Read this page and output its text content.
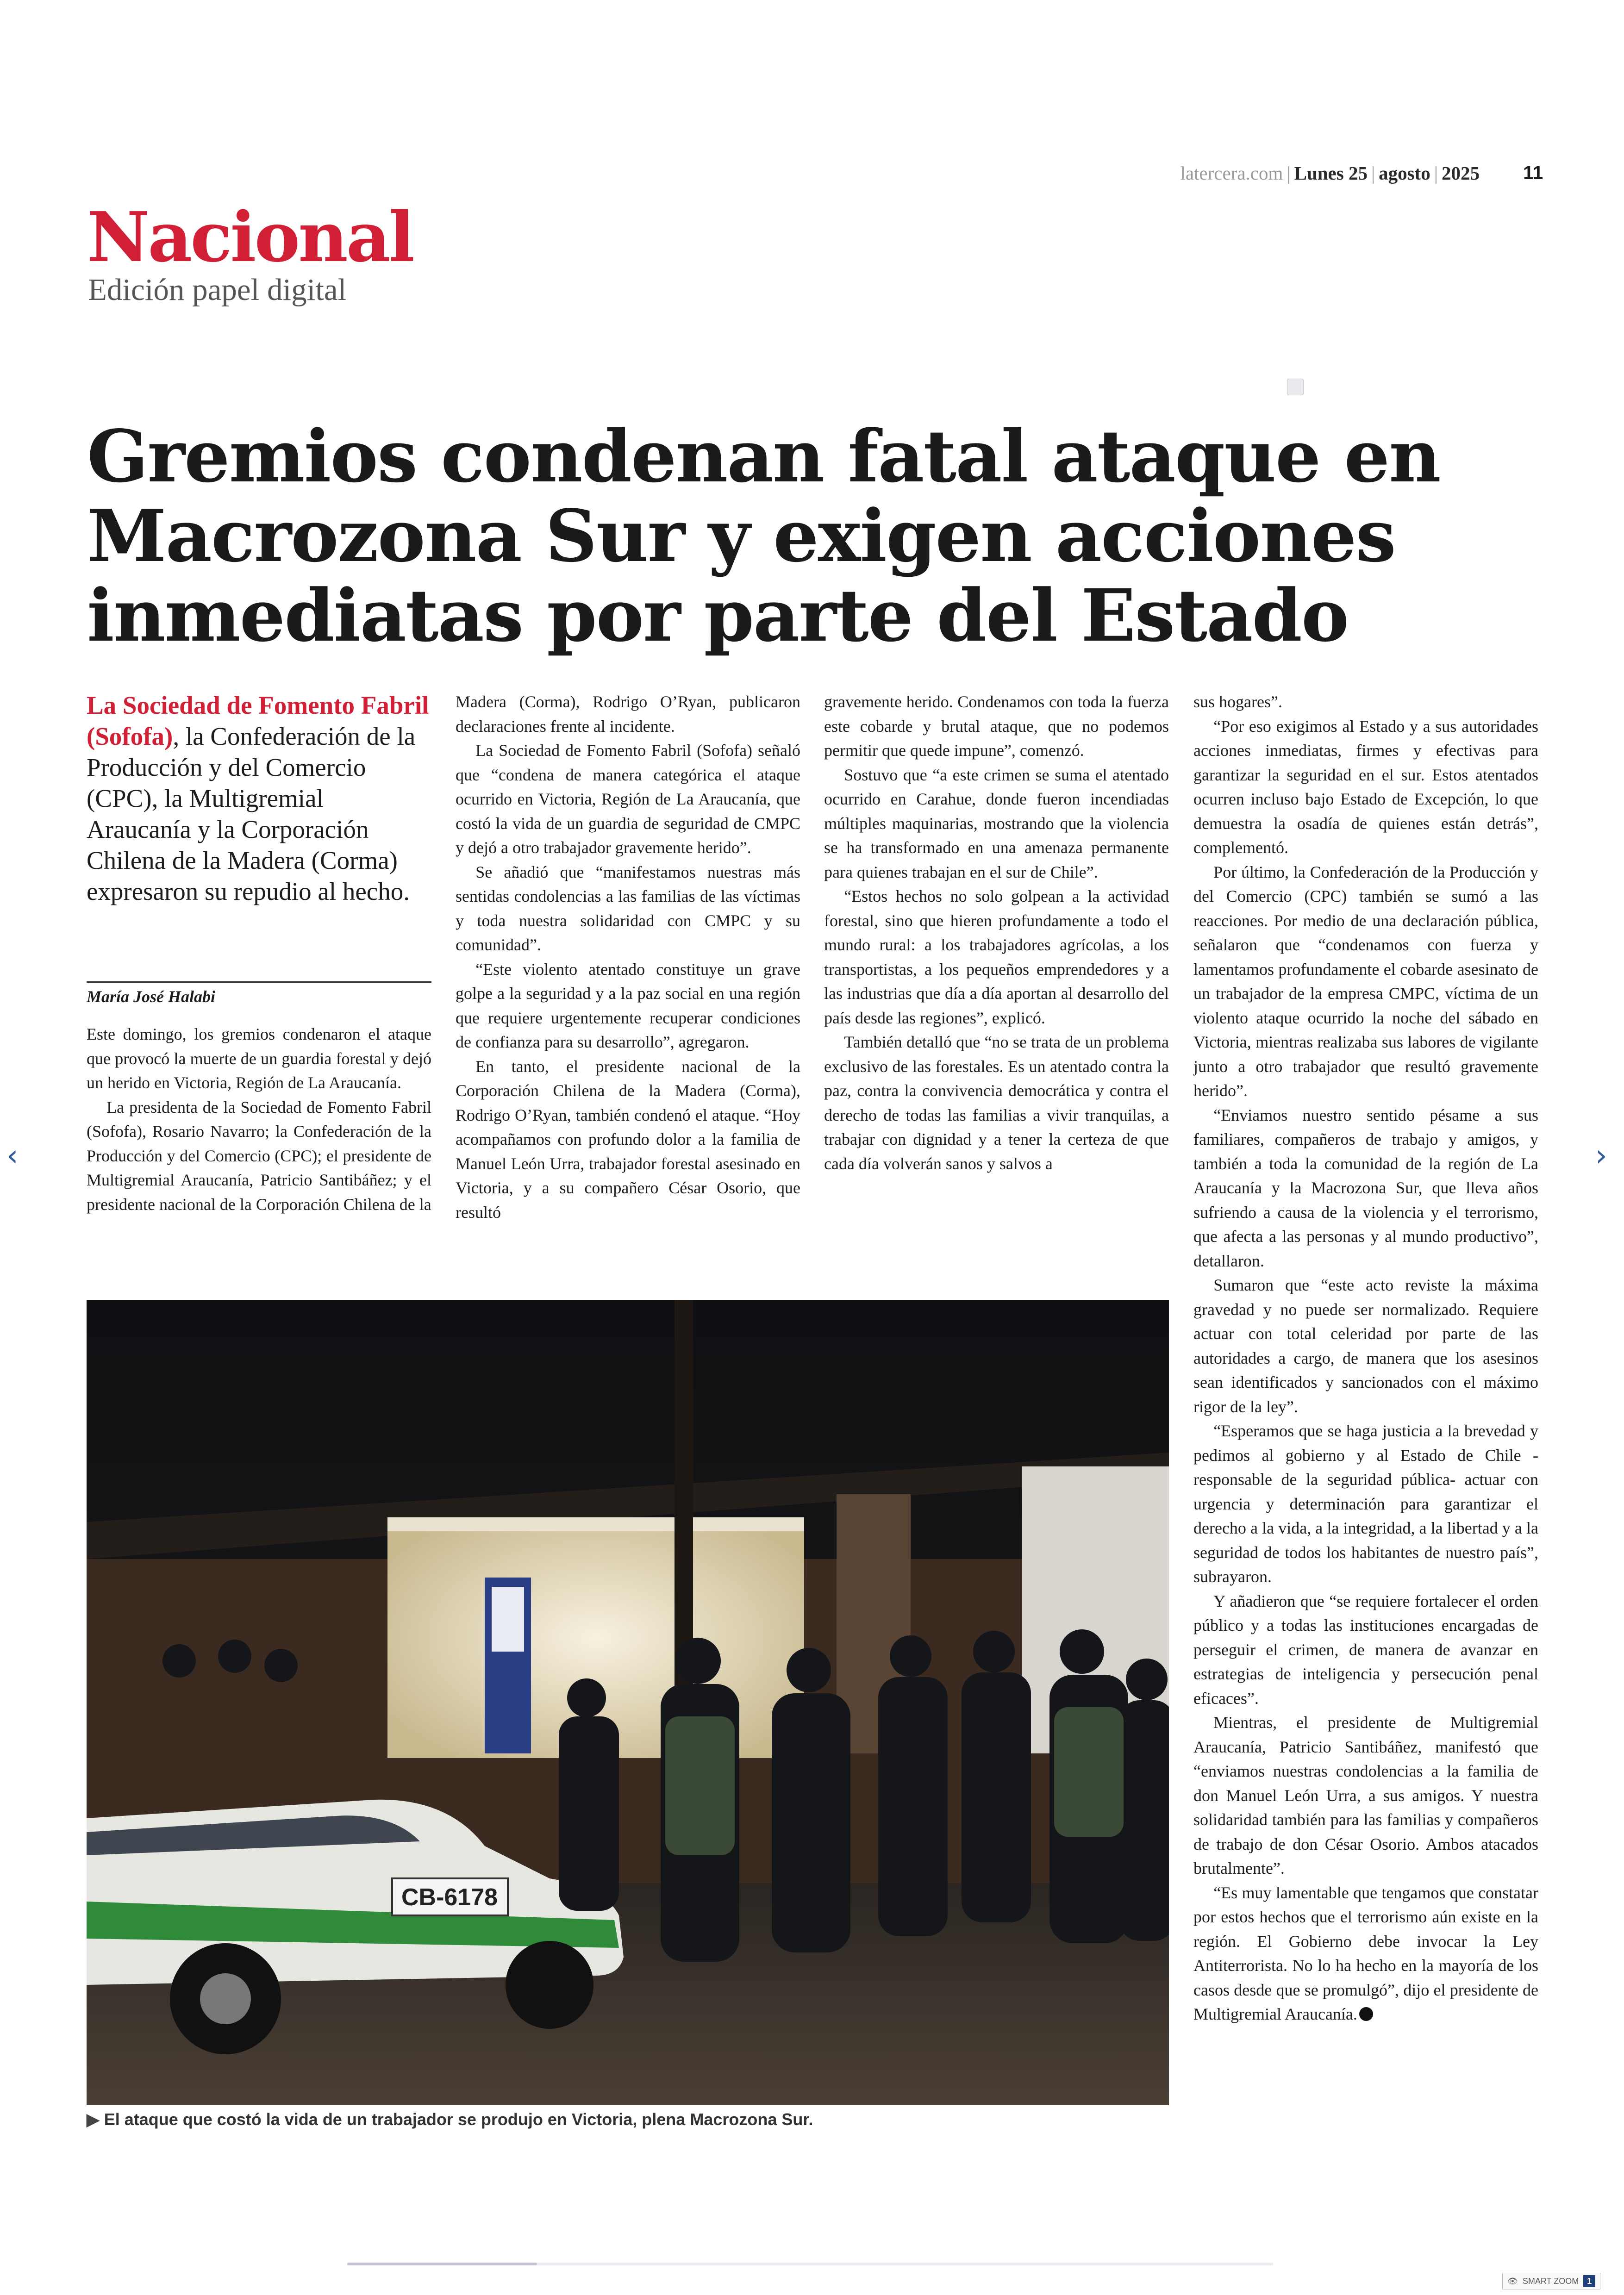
latercera.com | Lunes 25 | agosto | 2025 11
Nacional
Edición papel digital
Gremios condenan fatal ataque en Macrozona Sur y exigen acciones inmediatas por parte del Estado
La Sociedad de Fomento Fabril (Sofofa), la Confederación de la Producción y del Comercio (CPC), la Multigremial Araucanía y la Corporación Chilena de la Madera (Corma) expresaron su repudio al hecho.
María José Halabi

Este domingo, los gremios condenaron el ataque que provocó la muerte de un guardia forestal y dejó un herido en Victoria, Región de La Araucanía.

La presidenta de la Sociedad de Fomento Fabril (Sofofa), Rosario Navarro; la Confederación de la Producción y del Comercio (CPC); el presidente de Multigremial Araucanía, Patricio Santibáñez; y el presidente nacional de la Corporación Chilena de la

Madera (Corma), Rodrigo O’Ryan, publicaron declaraciones frente al incidente.

La Sociedad de Fomento Fabril (Sofofa) señaló que “condena de manera categórica el ataque ocurrido en Victoria, Región de La Araucanía, que costó la vida de un guardia de seguridad de CMPC y dejó a otro trabajador gravemente herido”.

Se añadió que “manifestamos nuestras más sentidas condolencias a las familias de las víctimas y toda nuestra solidaridad con CMPC y su comunidad”.

“Este violento atentado constituye un grave golpe a la seguridad y a la paz social en una región que requiere urgentemente recuperar condiciones de confianza para su desarrollo”, agregaron.

En tanto, el presidente nacional de la Corporación Chilena de la Madera (Corma), Rodrigo O’Ryan, también condenó el ataque. “Hoy acompañamos con profundo dolor a la familia de Manuel León Urra, trabajador forestal asesinado en Victoria, y a su compañero César Osorio, que resultó

gravemente herido. Condenamos con toda la fuerza este cobarde y brutal ataque, que no podemos permitir que quede impune”, comenzó.

Sostuvo que “a este crimen se suma el atentado ocurrido en Carahue, donde fueron incendiadas múltiples maquinarias, mostrando que la violencia se ha transformado en una amenaza permanente para quienes trabajan en el sur de Chile”.

“Estos hechos no solo golpean a la actividad forestal, sino que hieren profundamente a todo el mundo rural: a los trabajadores agrícolas, a los transportistas, a los pequeños emprendedores y a las industrias que día a día aportan al desarrollo del país desde las regiones”, explicó.

También detalló que “no se trata de un problema exclusivo de las forestales. Es un atentado contra la paz, contra la convivencia democrática y contra el derecho de todas las familias a vivir tranquilas, a trabajar con dignidad y a tener la certeza de que cada día volverán sanos y salvos a

sus hogares”.

“Por eso exigimos al Estado y a sus autoridades acciones inmediatas, firmes y efectivas para garantizar la seguridad en el sur. Estos atentados ocurren incluso bajo Estado de Excepción, lo que demuestra la osadía de quienes están detrás”, complementó.

Por último, la Confederación de la Producción y del Comercio (CPC) también se sumó a las reacciones. Por medio de una declaración pública, señalaron que “condenamos con fuerza y lamentamos profundamente el cobarde asesinato de un trabajador de la empresa CMPC, víctima de un violento ataque ocurrido la noche del sábado en Victoria, mientras realizaba sus labores de vigilante junto a otro trabajador que resultó gravemente herido”.

“Enviamos nuestro sentido pésame a sus familiares, compañeros de trabajo y amigos, y también a toda la comunidad de la región de La Araucanía y la Macrozona Sur, que lleva años sufriendo a causa de la violencia y el terrorismo, que afecta a las personas y al mundo productivo”, detallaron.

Sumaron que “este acto reviste la máxima gravedad y no puede ser normalizado. Requiere actuar con total celeridad por parte de las autoridades a cargo, de manera que los asesinos sean identificados y sancionados con el máximo rigor de la ley”.

“Esperamos que se haga justicia a la brevedad y pedimos al gobierno y al Estado de Chile -responsable de la seguridad pública- actuar con urgencia y determinación para garantizar el derecho a la vida, a la integridad, a la libertad y a la seguridad de todos los habitantes de nuestro país”, subrayaron.

Y añadieron que “se requiere fortalecer el orden público y a todas las instituciones encargadas de perseguir el crimen, de manera de avanzar en estrategias de inteligencia y persecución penal eficaces”.

Mientras, el presidente de Multigremial Araucanía, Patricio Santibáñez, manifestó que “enviamos nuestras condolencias a la familia de don Manuel León Urra, a sus amigos. Y nuestra solidaridad también para las familias y compañeros de trabajo de don César Osorio. Ambos atacados brutalmente”.

“Es muy lamentable que tengamos que constatar por estos hechos que el terrorismo aún existe en la región. El Gobierno debe invocar la Ley Antiterrorista. No lo ha hecho en la mayoría de los casos desde que se promulgó”, dijo el presidente de Multigremial Araucanía.

CB-6178
▶ El ataque que costó la vida de un trabajador se produjo en Victoria, plena Macrozona Sur.
‹	›
👁 SMART ZOOM	1
